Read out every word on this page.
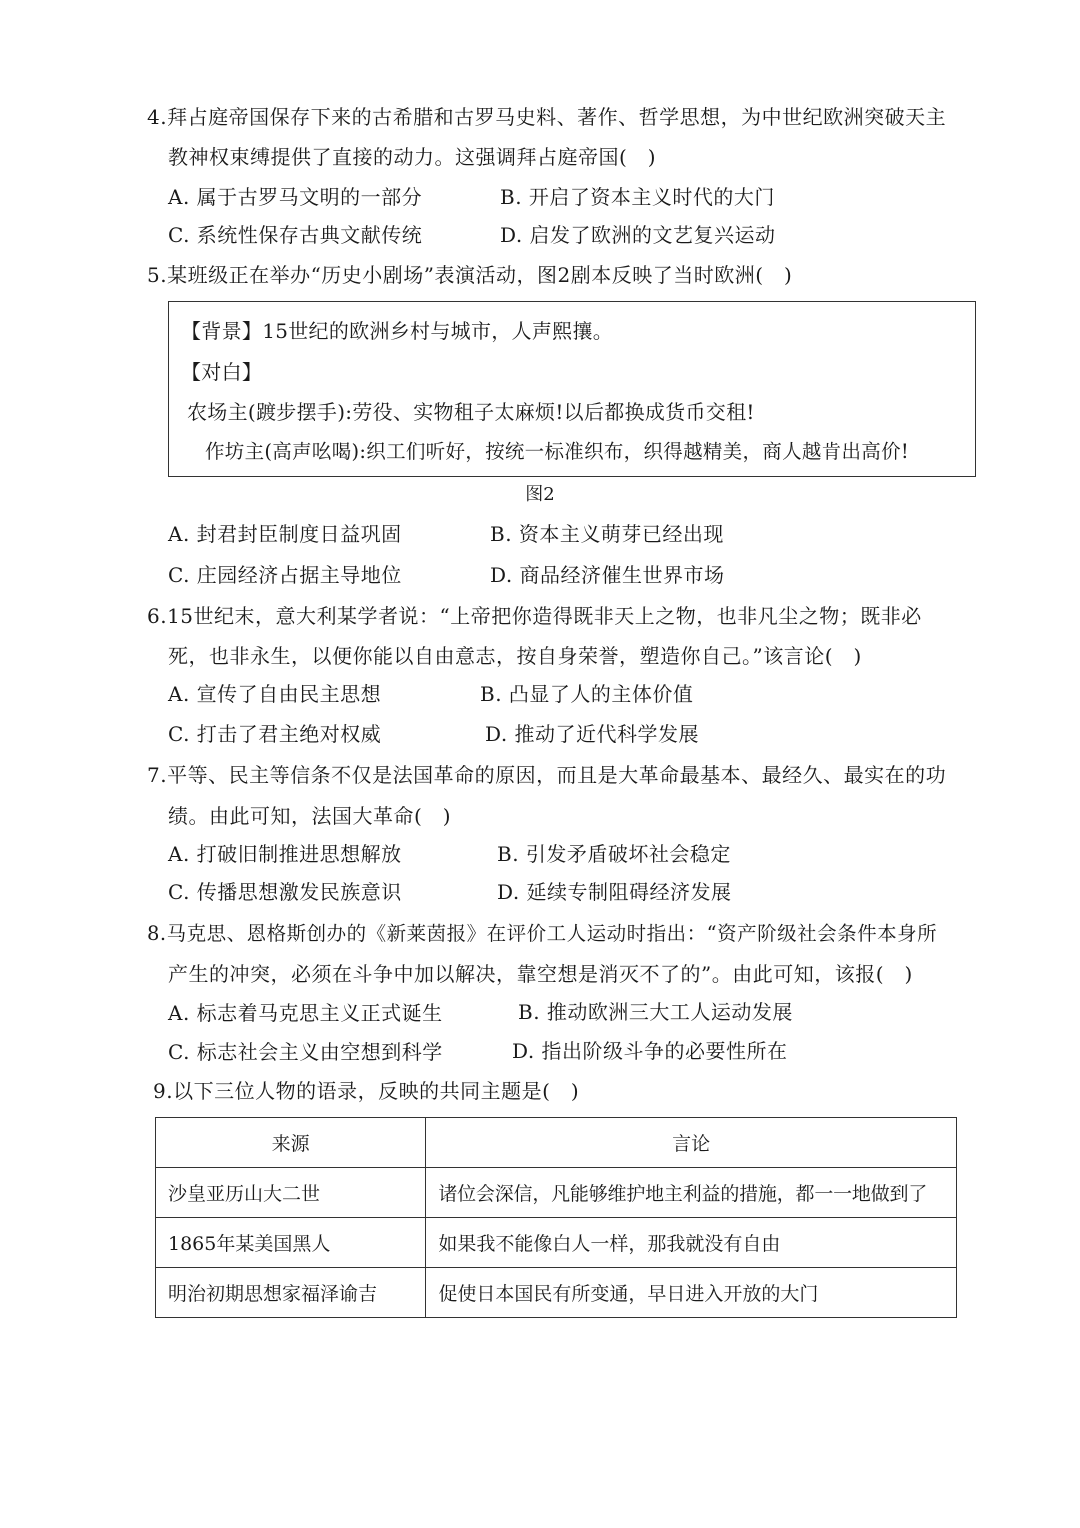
4.拜占庭帝国保存下来的古希腊和古罗马史料、著作、哲学思想，为中世纪欧洲突破天主
教神权束缚提供了直接的动力。这强调拜占庭帝国(　)
A. 属于古罗马文明的一部分	B. 开启了资本主义时代的大门
C. 系统性保存古典文献传统	D. 启发了欧洲的文艺复兴运动
5.某班级正在举办“历史小剧场”表演活动，图2剧本反映了当时欧洲(　)
【背景】15世纪的欧洲乡村与城市，人声熙攘。
【对白】
农场主(踱步摆手):劳役、实物租子太麻烦!以后都换成货币交租!
作坊主(高声吆喝):织工们听好，按统一标准织布，织得越精美，商人越肯出高价!
图2
A. 封君封臣制度日益巩固	B. 资本主义萌芽已经出现
C. 庄园经济占据主导地位	D. 商品经济催生世界市场
6.15世纪末，意大利某学者说：“上帝把你造得既非天上之物，也非凡尘之物；既非必
死，也非永生，以便你能以自由意志，按自身荣誉，塑造你自己。”该言论(　)
A. 宣传了自由民主思想	B. 凸显了人的主体价值
C. 打击了君主绝对权威	D. 推动了近代科学发展
7.平等、民主等信条不仅是法国革命的原因，而且是大革命最基本、最经久、最实在的功
绩。由此可知，法国大革命(　)
A. 打破旧制推进思想解放	B. 引发矛盾破坏社会稳定
C. 传播思想激发民族意识	D. 延续专制阻碍经济发展
8.马克思、恩格斯创办的《新莱茵报》在评价工人运动时指出：“资产阶级社会条件本身所
产生的冲突，必须在斗争中加以解决，靠空想是消灭不了的”。由此可知，该报(　)
A. 标志着马克思主义正式诞生	B. 推动欧洲三大工人运动发展
C. 标志社会主义由空想到科学	D. 指出阶级斗争的必要性所在
9.以下三位人物的语录，反映的共同主题是(　)
来源	言论
沙皇亚历山大二世	诸位会深信，凡能够维护地主利益的措施，都一一地做到了
1865年某美国黑人	如果我不能像白人一样，那我就没有自由
明治初期思想家福泽谕吉	促使日本国民有所变通，早日进入开放的大门
